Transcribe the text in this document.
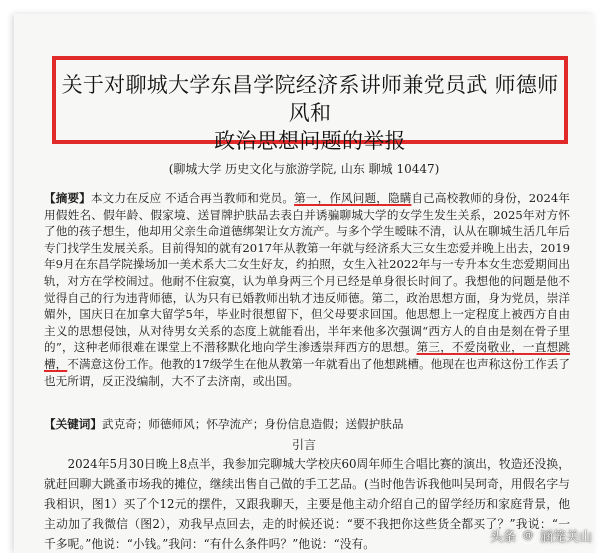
关于对聊城大学东昌学院经济系讲师兼党员武 师德师风和
政治思想问题的举报
(聊城大学 历史文化与旅游学院, 山东 聊城 10447)
【摘要】本文力在反应 不适合再当教师和党员。第一，作风问题，隐瞒自己高校教师的身份，2024年用假姓名、假年龄、假家境、送冒牌护肤品去表白并诱骗聊城大学的女学生发生关系，2025年对方怀了他的孩子想生，他却用父亲生命道德绑架让女方流产。与多个学生暧昧不清，认从在聊城生活几年后专门找学生发展关系。目前得知的就有2017年从教第一年就与经济系大三女生恋爱并晚上出去，2019年9月在东昌学院操场加一美术系大二女生好友，约拍照，女生入社2022年与一专升本女生恋爱期间出轨，对方在学校闹过。他耐不住寂寞，认为单身两三个月已经是单身很长时间了。我想他的问题是他不觉得自己的行为违背师德，认为只有已婚教师出轨才违反师德。第二，政治思想方面，身为党员，崇洋媚外，国庆日在加拿大留学5年，毕业时很想留下，但父母要求回国。他思想上一定程度上被西方自由主义的思想侵蚀，从对待男女关系的态度上就能看出，半年来他多次强调“西方人的自由是刻在骨子里的”，这种老师很难在课堂上不潜移默化地向学生渗透崇拜西方的思想。第三，不爱岗敬业，一直想跳槽，不满意这份工作。他教的17级学生在他从教第一年就看出了他想跳槽。他现在也声称这份工作丢了也无所谓，反正没编制，大不了去济南，或出国。
【关键词】武克奇；师德师风；怀孕流产；身份信息造假；送假护肤品
引言

2024年5月30日晚上8点半，我参加完聊城大学校庆60周年师生合唱比赛的演出，牧造还没换，就赶回聊大跳蚤市场我的摊位，继续出售自己做的手工艺品。(当时他告诉我他叫吴珂奇，用假名字与我相识，图1）买了个12元的摆件，又跟我聊天，主要是他主动介绍自己的留学经历和家庭背景，他主动加了我微信（图2），劝我早点回去，走的时候还说：“要不我把你这些货全都买了？”我说：“一千多呢。”他说：“小钱。”我问：“有什么条件吗？”他说：“没有。	头条 @ 涵笼关山
